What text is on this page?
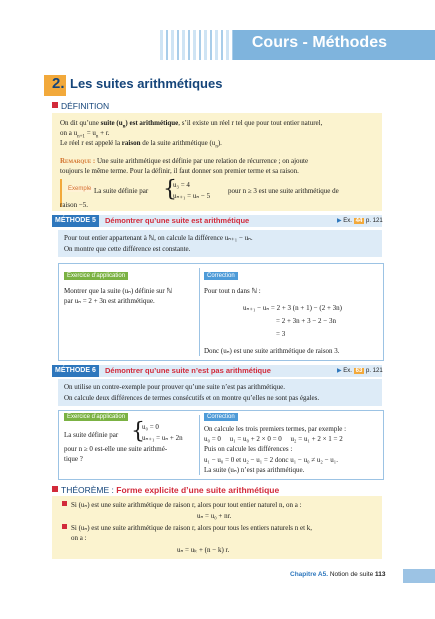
Cours - Méthodes
2. Les suites arithmétiques
DÉFINITION
On dit qu’une suite $(u_n)$ est arithmétique, s’il existe un réel r tel que pour tout entier naturel,
on a $u_{n+1} = u_n + r$.
Le réel r est appelé la raison de la suite arithmétique $(u_n)$.
Remarque : Une suite arithmétique est définie par une relation de récurrence ; on ajoute
toujours le même terme. Pour la définir, il faut donner son premier terme et sa raison.
Exemple La suite définie par {
u₃ = 4
uₙ₊₁ = uₙ − 5
pour n ≥ 3 est une suite arithmétique de
raison −5.
MÉTHODE 5	Démontrer qu’une suite est arithmétique	▶ Ex. 44 p. 121
Pour tout entier appartenant à ℕ, on calcule la différence uₙ₊₁ − uₙ.
On montre que cette différence est constante.
Exercice d’application
Montrer que la suite (uₙ) définie sur ℕ
par uₙ = 2 + 3n est arithmétique.
Correction
Pour tout n dans ℕ :
uₙ₊₁ − uₙ = 2 + 3 (n + 1) − (2 + 3n)
= 2 + 3n + 3 − 2 − 3n
= 3
Donc (uₙ) est une suite arithmétique de raison 3.
MÉTHODE 6	Démontrer qu’une suite n’est pas arithmétique	▶ Ex. 63 p. 121
On utilise un contre-exemple pour prouver qu’une suite n’est pas arithmétique.
On calcule deux différences de termes consécutifs et on montre qu’elles ne sont pas égales.
Exercice d’application
La suite définie par {
u₀ = 0
uₙ₊₁ = uₙ + 2n
pour n ≥ 0 est-elle une suite arithmé-
tique ?
Correction
On calcule les trois premiers termes, par exemple :
u₀ = 0     u₁ = u₀ + 2 × 0 = 0     u₂ = u₁ + 2 × 1 = 2
Puis on calcule les différences :
u₁ − u₀ = 0 et u₂ − u₁ = 2 donc u₁ − u₀ ≠ u₂ − u₁.
La suite (uₙ) n’est pas arithmétique.
THÉORÈME : Forme explicite d’une suite arithmétique
Si (uₙ) est une suite arithmétique de raison r, alors pour tout entier naturel n, on a :
uₙ = u₀ + nr.
Si (uₙ) est une suite arithmétique de raison r, alors pour tous les entiers naturels n et k,
on a :
uₙ = uₖ + (n − k) r.
Chapitre A5. Notion de suite 113
